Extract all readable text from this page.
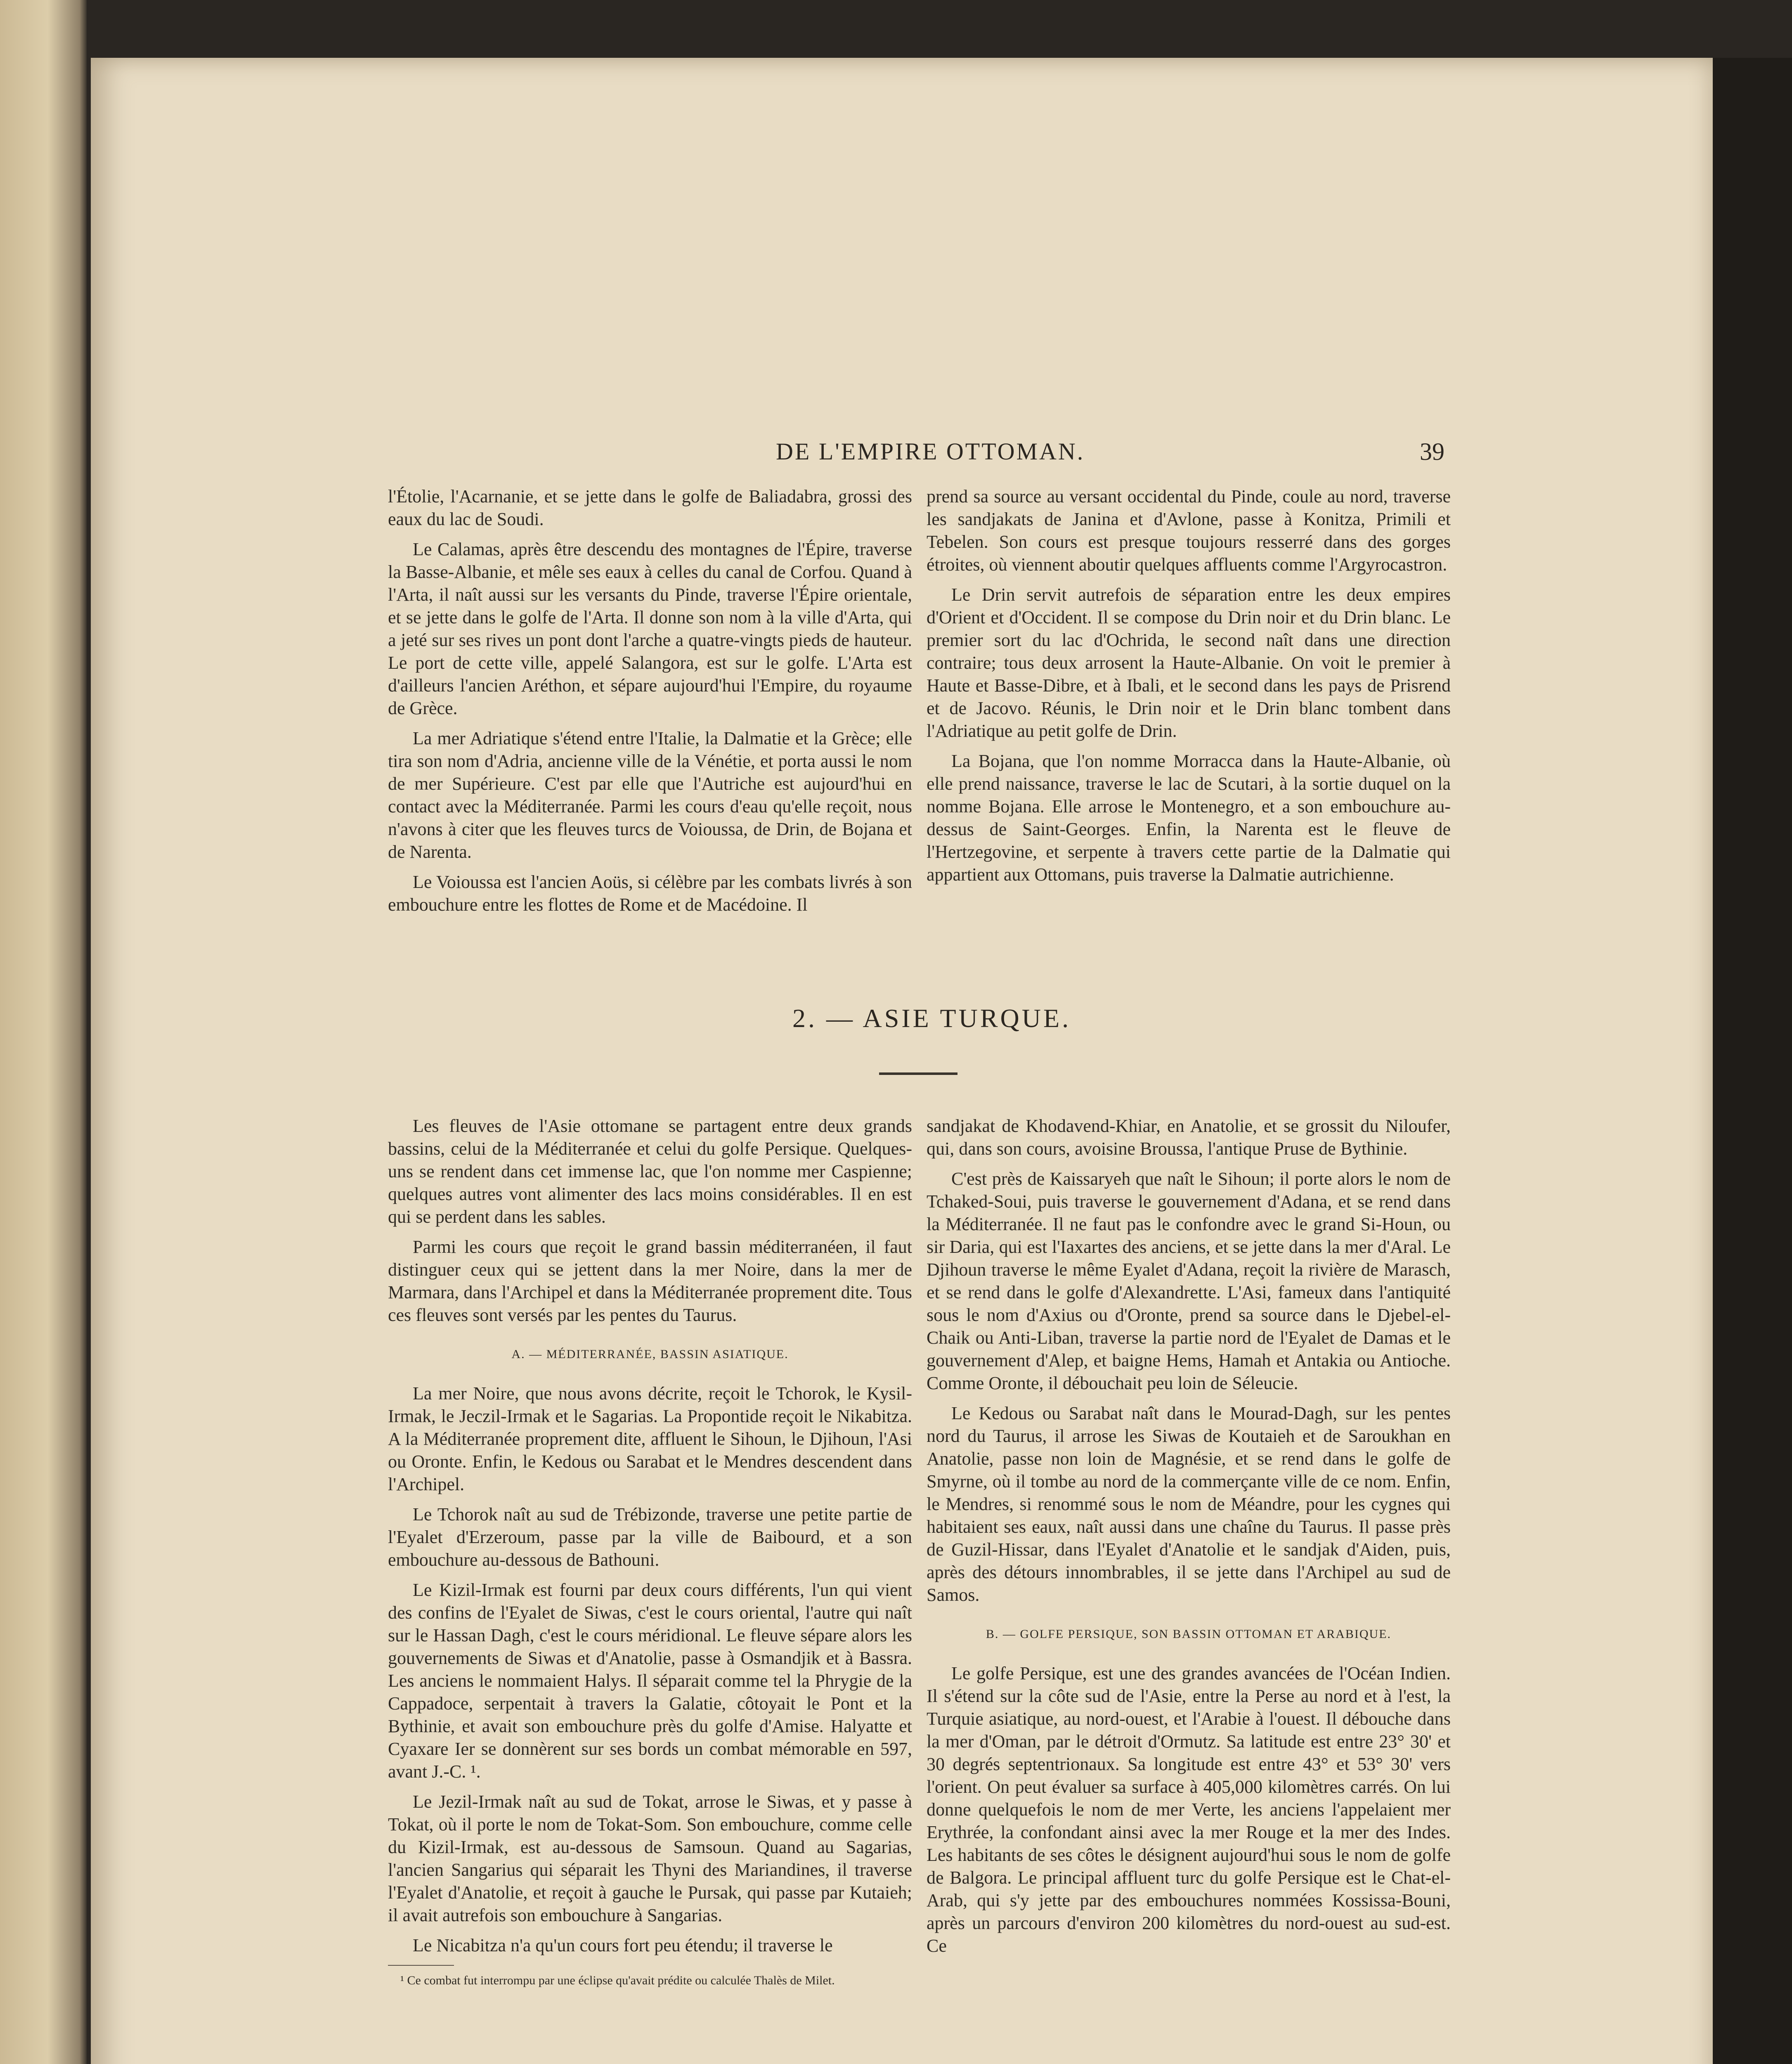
DE L'EMPIRE OTTOMAN.	39

l'Étolie, l'Acarnanie, et se jette dans le golfe de Baliadabra, grossi des eaux du lac de Soudi.

Le Calamas, après être descendu des montagnes de l'Épire, traverse la Basse-Albanie, et mêle ses eaux à celles du canal de Corfou. Quand à l'Arta, il naît aussi sur les versants du Pinde, traverse l'Épire orientale, et se jette dans le golfe de l'Arta. Il donne son nom à la ville d'Arta, qui a jeté sur ses rives un pont dont l'arche a quatre-vingts pieds de hauteur. Le port de cette ville, appelé Salangora, est sur le golfe. L'Arta est d'ailleurs l'ancien Aréthon, et sépare aujourd'hui l'Empire, du royaume de Grèce.

La mer Adriatique s'étend entre l'Italie, la Dalmatie et la Grèce; elle tira son nom d'Adria, ancienne ville de la Vénétie, et porta aussi le nom de mer Supérieure. C'est par elle que l'Autriche est aujourd'hui en contact avec la Méditerranée. Parmi les cours d'eau qu'elle reçoit, nous n'avons à citer que les fleuves turcs de Voioussa, de Drin, de Bojana et de Narenta.

Le Voioussa est l'ancien Aoüs, si célèbre par les combats livrés à son embouchure entre les flottes de Rome et de Macédoine. Il

prend sa source au versant occidental du Pinde, coule au nord, traverse les sandjakats de Janina et d'Avlone, passe à Konitza, Primili et Tebelen. Son cours est presque toujours resserré dans des gorges étroites, où viennent aboutir quelques affluents comme l'Argyrocastron.

Le Drin servit autrefois de séparation entre les deux empires d'Orient et d'Occident. Il se compose du Drin noir et du Drin blanc. Le premier sort du lac d'Ochrida, le second naît dans une direction contraire; tous deux arrosent la Haute-Albanie. On voit le premier à Haute et Basse-Dibre, et à Ibali, et le second dans les pays de Prisrend et de Jacovo. Réunis, le Drin noir et le Drin blanc tombent dans l'Adriatique au petit golfe de Drin.

La Bojana, que l'on nomme Morracca dans la Haute-Albanie, où elle prend naissance, traverse le lac de Scutari, à la sortie duquel on la nomme Bojana. Elle arrose le Montenegro, et a son embouchure au-dessus de Saint-Georges. Enfin, la Narenta est le fleuve de l'Hertzegovine, et serpente à travers cette partie de la Dalmatie qui appartient aux Ottomans, puis traverse la Dalmatie autrichienne.

2. — ASIE TURQUE.

Les fleuves de l'Asie ottomane se partagent entre deux grands bassins, celui de la Méditerranée et celui du golfe Persique. Quelques-uns se rendent dans cet immense lac, que l'on nomme mer Caspienne; quelques autres vont alimenter des lacs moins considérables. Il en est qui se perdent dans les sables.

Parmi les cours que reçoit le grand bassin méditerranéen, il faut distinguer ceux qui se jettent dans la mer Noire, dans la mer de Marmara, dans l'Archipel et dans la Méditerranée proprement dite. Tous ces fleuves sont versés par les pentes du Taurus.

A. — MÉDITERRANÉE, BASSIN ASIATIQUE.

La mer Noire, que nous avons décrite, reçoit le Tchorok, le Kysil-Irmak, le Jeczil-Irmak et le Sagarias. La Propontide reçoit le Nikabitza. A la Méditerranée proprement dite, affluent le Sihoun, le Djihoun, l'Asi ou Oronte. Enfin, le Kedous ou Sarabat et le Mendres descendent dans l'Archipel.

Le Tchorok naît au sud de Trébizonde, traverse une petite partie de l'Eyalet d'Erzeroum, passe par la ville de Baibourd, et a son embouchure au-dessous de Bathouni.

Le Kizil-Irmak est fourni par deux cours différents, l'un qui vient des confins de l'Eyalet de Siwas, c'est le cours oriental, l'autre qui naît sur le Hassan Dagh, c'est le cours méridional. Le fleuve sépare alors les gouvernements de Siwas et d'Anatolie, passe à Osmandjik et à Bassra. Les anciens le nommaient Halys. Il séparait comme tel la Phrygie de la Cappadoce, serpentait à travers la Galatie, côtoyait le Pont et la Bythinie, et avait son embouchure près du golfe d'Amise. Halyatte et Cyaxare Ier se donnèrent sur ses bords un combat mémorable en 597, avant J.-C. ¹.

Le Jezil-Irmak naît au sud de Tokat, arrose le Siwas, et y passe à Tokat, où il porte le nom de Tokat-Som. Son embouchure, comme celle du Kizil-Irmak, est au-dessous de Samsoun. Quand au Sagarias, l'ancien Sangarius qui séparait les Thyni des Mariandines, il traverse l'Eyalet d'Anatolie, et reçoit à gauche le Pursak, qui passe par Kutaieh; il avait autrefois son embouchure à Sangarias.

Le Nicabitza n'a qu'un cours fort peu étendu; il traverse le

¹ Ce combat fut interrompu par une éclipse qu'avait prédite ou calculée Thalès de Milet.

sandjakat de Khodavend-Khiar, en Anatolie, et se grossit du Niloufer, qui, dans son cours, avoisine Broussa, l'antique Pruse de Bythinie.

C'est près de Kaissaryeh que naît le Sihoun; il porte alors le nom de Tchaked-Soui, puis traverse le gouvernement d'Adana, et se rend dans la Méditerranée. Il ne faut pas le confondre avec le grand Si-Houn, ou sir Daria, qui est l'Iaxartes des anciens, et se jette dans la mer d'Aral. Le Djihoun traverse le même Eyalet d'Adana, reçoit la rivière de Marasch, et se rend dans le golfe d'Alexandrette. L'Asi, fameux dans l'antiquité sous le nom d'Axius ou d'Oronte, prend sa source dans le Djebel-el-Chaik ou Anti-Liban, traverse la partie nord de l'Eyalet de Damas et le gouvernement d'Alep, et baigne Hems, Hamah et Antakia ou Antioche. Comme Oronte, il débouchait peu loin de Séleucie.

Le Kedous ou Sarabat naît dans le Mourad-Dagh, sur les pentes nord du Taurus, il arrose les Siwas de Koutaieh et de Saroukhan en Anatolie, passe non loin de Magnésie, et se rend dans le golfe de Smyrne, où il tombe au nord de la commerçante ville de ce nom. Enfin, le Mendres, si renommé sous le nom de Méandre, pour les cygnes qui habitaient ses eaux, naît aussi dans une chaîne du Taurus. Il passe près de Guzil-Hissar, dans l'Eyalet d'Anatolie et le sandjak d'Aiden, puis, après des détours innombrables, il se jette dans l'Archipel au sud de Samos.

B. — GOLFE PERSIQUE, SON BASSIN OTTOMAN ET ARABIQUE.

Le golfe Persique, est une des grandes avancées de l'Océan Indien. Il s'étend sur la côte sud de l'Asie, entre la Perse au nord et à l'est, la Turquie asiatique, au nord-ouest, et l'Arabie à l'ouest. Il débouche dans la mer d'Oman, par le détroit d'Ormutz. Sa latitude est entre 23° 30' et 30 degrés septentrionaux. Sa longitude est entre 43° et 53° 30' vers l'orient. On peut évaluer sa surface à 405,000 kilomètres carrés. On lui donne quelquefois le nom de mer Verte, les anciens l'appelaient mer Erythrée, la confondant ainsi avec la mer Rouge et la mer des Indes. Les habitants de ses côtes le désignent aujourd'hui sous le nom de golfe de Balgora. Le principal affluent turc du golfe Persique est le Chat-el-Arab, qui s'y jette par des embouchures nommées Kossissa-Bouni, après un parcours d'environ 200 kilomètres du nord-ouest au sud-est. Ce
